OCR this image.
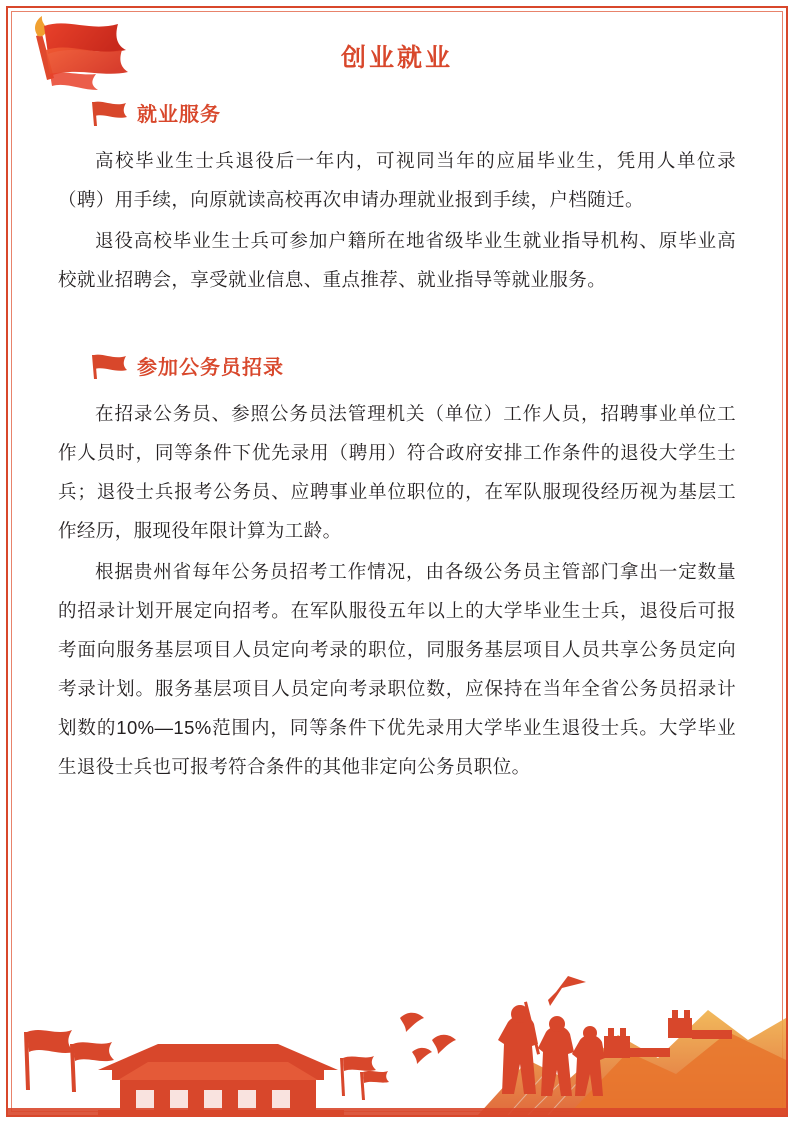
创业就业
就业服务

高校毕业生士兵退役后一年内，可视同当年的应届毕业生，凭用人单位录（聘）用手续，向原就读高校再次申请办理就业报到手续，户档随迁。

退役高校毕业生士兵可参加户籍所在地省级毕业生就业指导机构、原毕业高校就业招聘会，享受就业信息、重点推荐、就业指导等就业服务。

参加公务员招录

在招录公务员、参照公务员法管理机关（单位）工作人员，招聘事业单位工作人员时，同等条件下优先录用（聘用）符合政府安排工作条件的退役大学生士兵；退役士兵报考公务员、应聘事业单位职位的，在军队服现役经历视为基层工作经历，服现役年限计算为工龄。

根据贵州省每年公务员招考工作情况，由各级公务员主管部门拿出一定数量的招录计划开展定向招考。在军队服役五年以上的大学毕业生士兵，退役后可报考面向服务基层项目人员定向考录的职位，同服务基层项目人员共享公务员定向考录计划。服务基层项目人员定向考录职位数，应保持在当年全省公务员招录计划数的10%—15%范围内，同等条件下优先录用大学毕业生退役士兵。大学毕业生退役士兵也可报考符合条件的其他非定向公务员职位。
